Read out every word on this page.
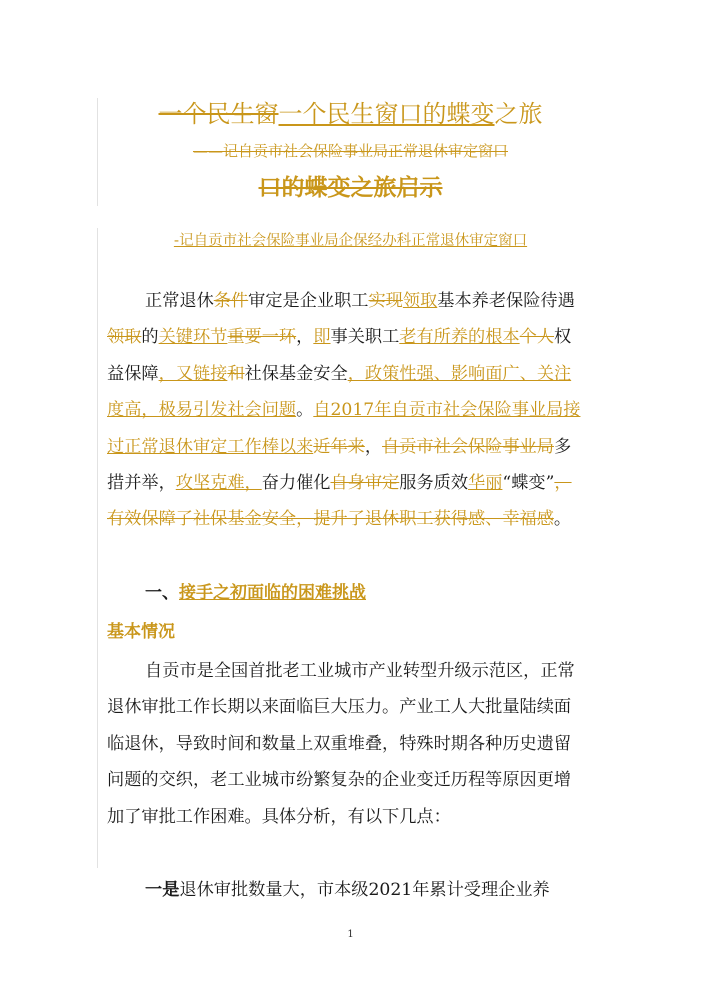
一个民生窗一个民生窗口的蝶变之旅
——记自贡市社会保险事业局正常退休审定窗口
口的蝶变之旅启示
-记自贡市社会保险事业局企保经办科正常退休审定窗口
正常退休条件审定是企业职工实现领取基本养老保险待遇领取的关键环节重要一环，即事关职工老有所养的根本个人权益保障，又链接和社保基金安全，政策性强、影响面广、关注度高，极易引发社会问题。自2017年自贡市社会保险事业局接过正常退休审定工作棒以来近年来，自贡市社会保险事业局多措并举，攻坚克难，奋力催化自身审定服务质效华丽“蝶变”，有效保障了社保基金安全，提升了退休职工获得感、幸福感。
一、接手之初面临的困难挑战
基本情况
自贡市是全国首批老工业城市产业转型升级示范区，正常退休审批工作长期以来面临巨大压力。产业工人大批量陆续面临退休，导致时间和数量上双重堆叠，特殊时期各种历史遗留问题的交织，老工业城市纷繁复杂的企业变迁历程等原因更增加了审批工作困难。具体分析，有以下几点：
一是退休审批数量大，市本级2021年累计受理企业养
1
